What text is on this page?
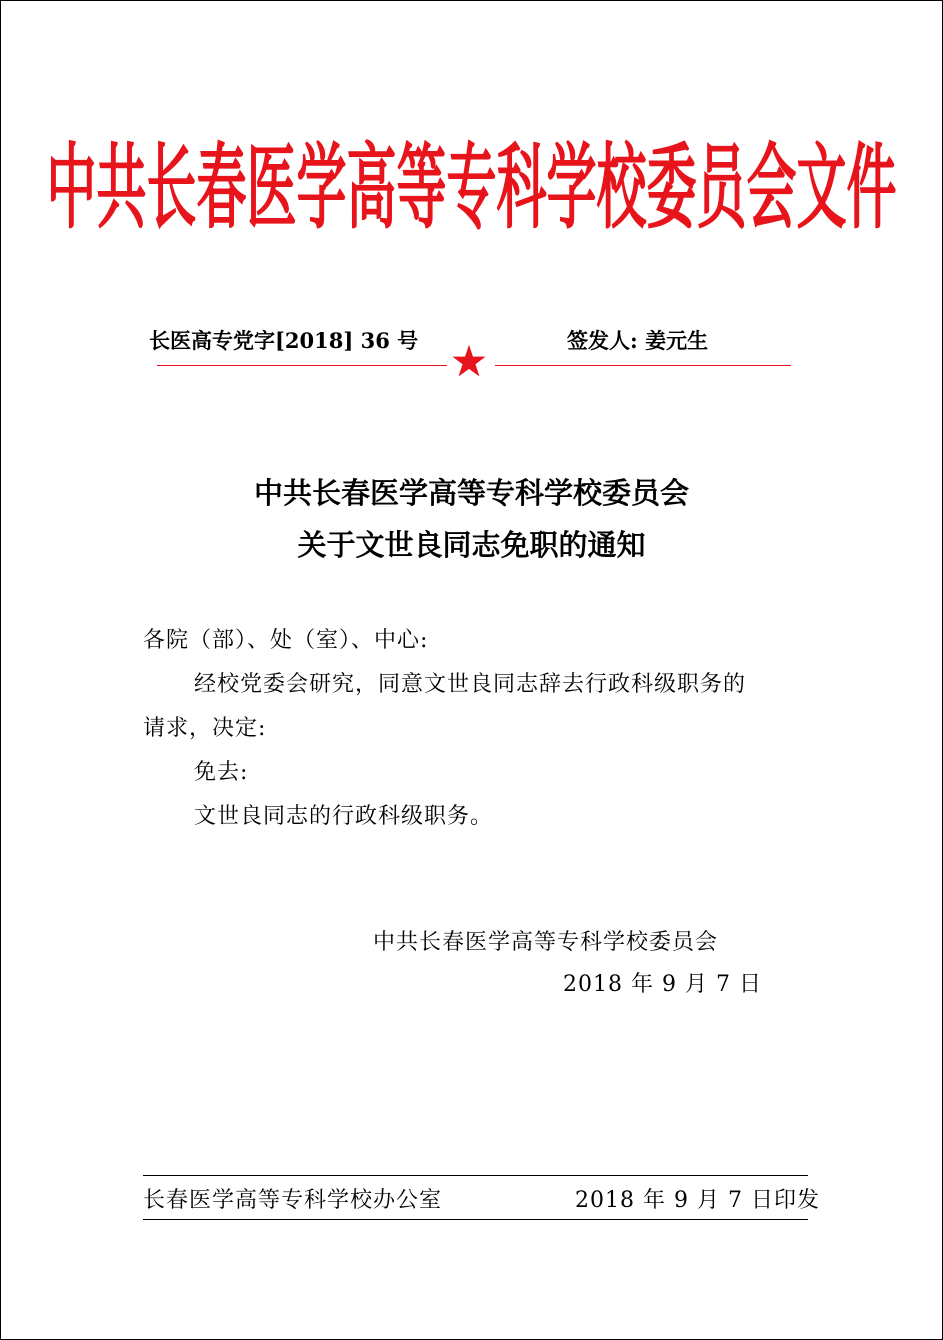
中共长春医学高等专科学校委员会文件
长医高专党字[2018] 36 号	签发人: 姜元生
中共长春医学高等专科学校委员会
关于文世良同志免职的通知
各院（部）、处（室）、中心:
经校党委会研究，同意文世良同志辞去行政科级职务的
请求，决定:
免去:
文世良同志的行政科级职务。
中共长春医学高等专科学校委员会
2018 年 9 月 7 日
长春医学高等专科学校办公室	2018 年 9 月 7 日印发
